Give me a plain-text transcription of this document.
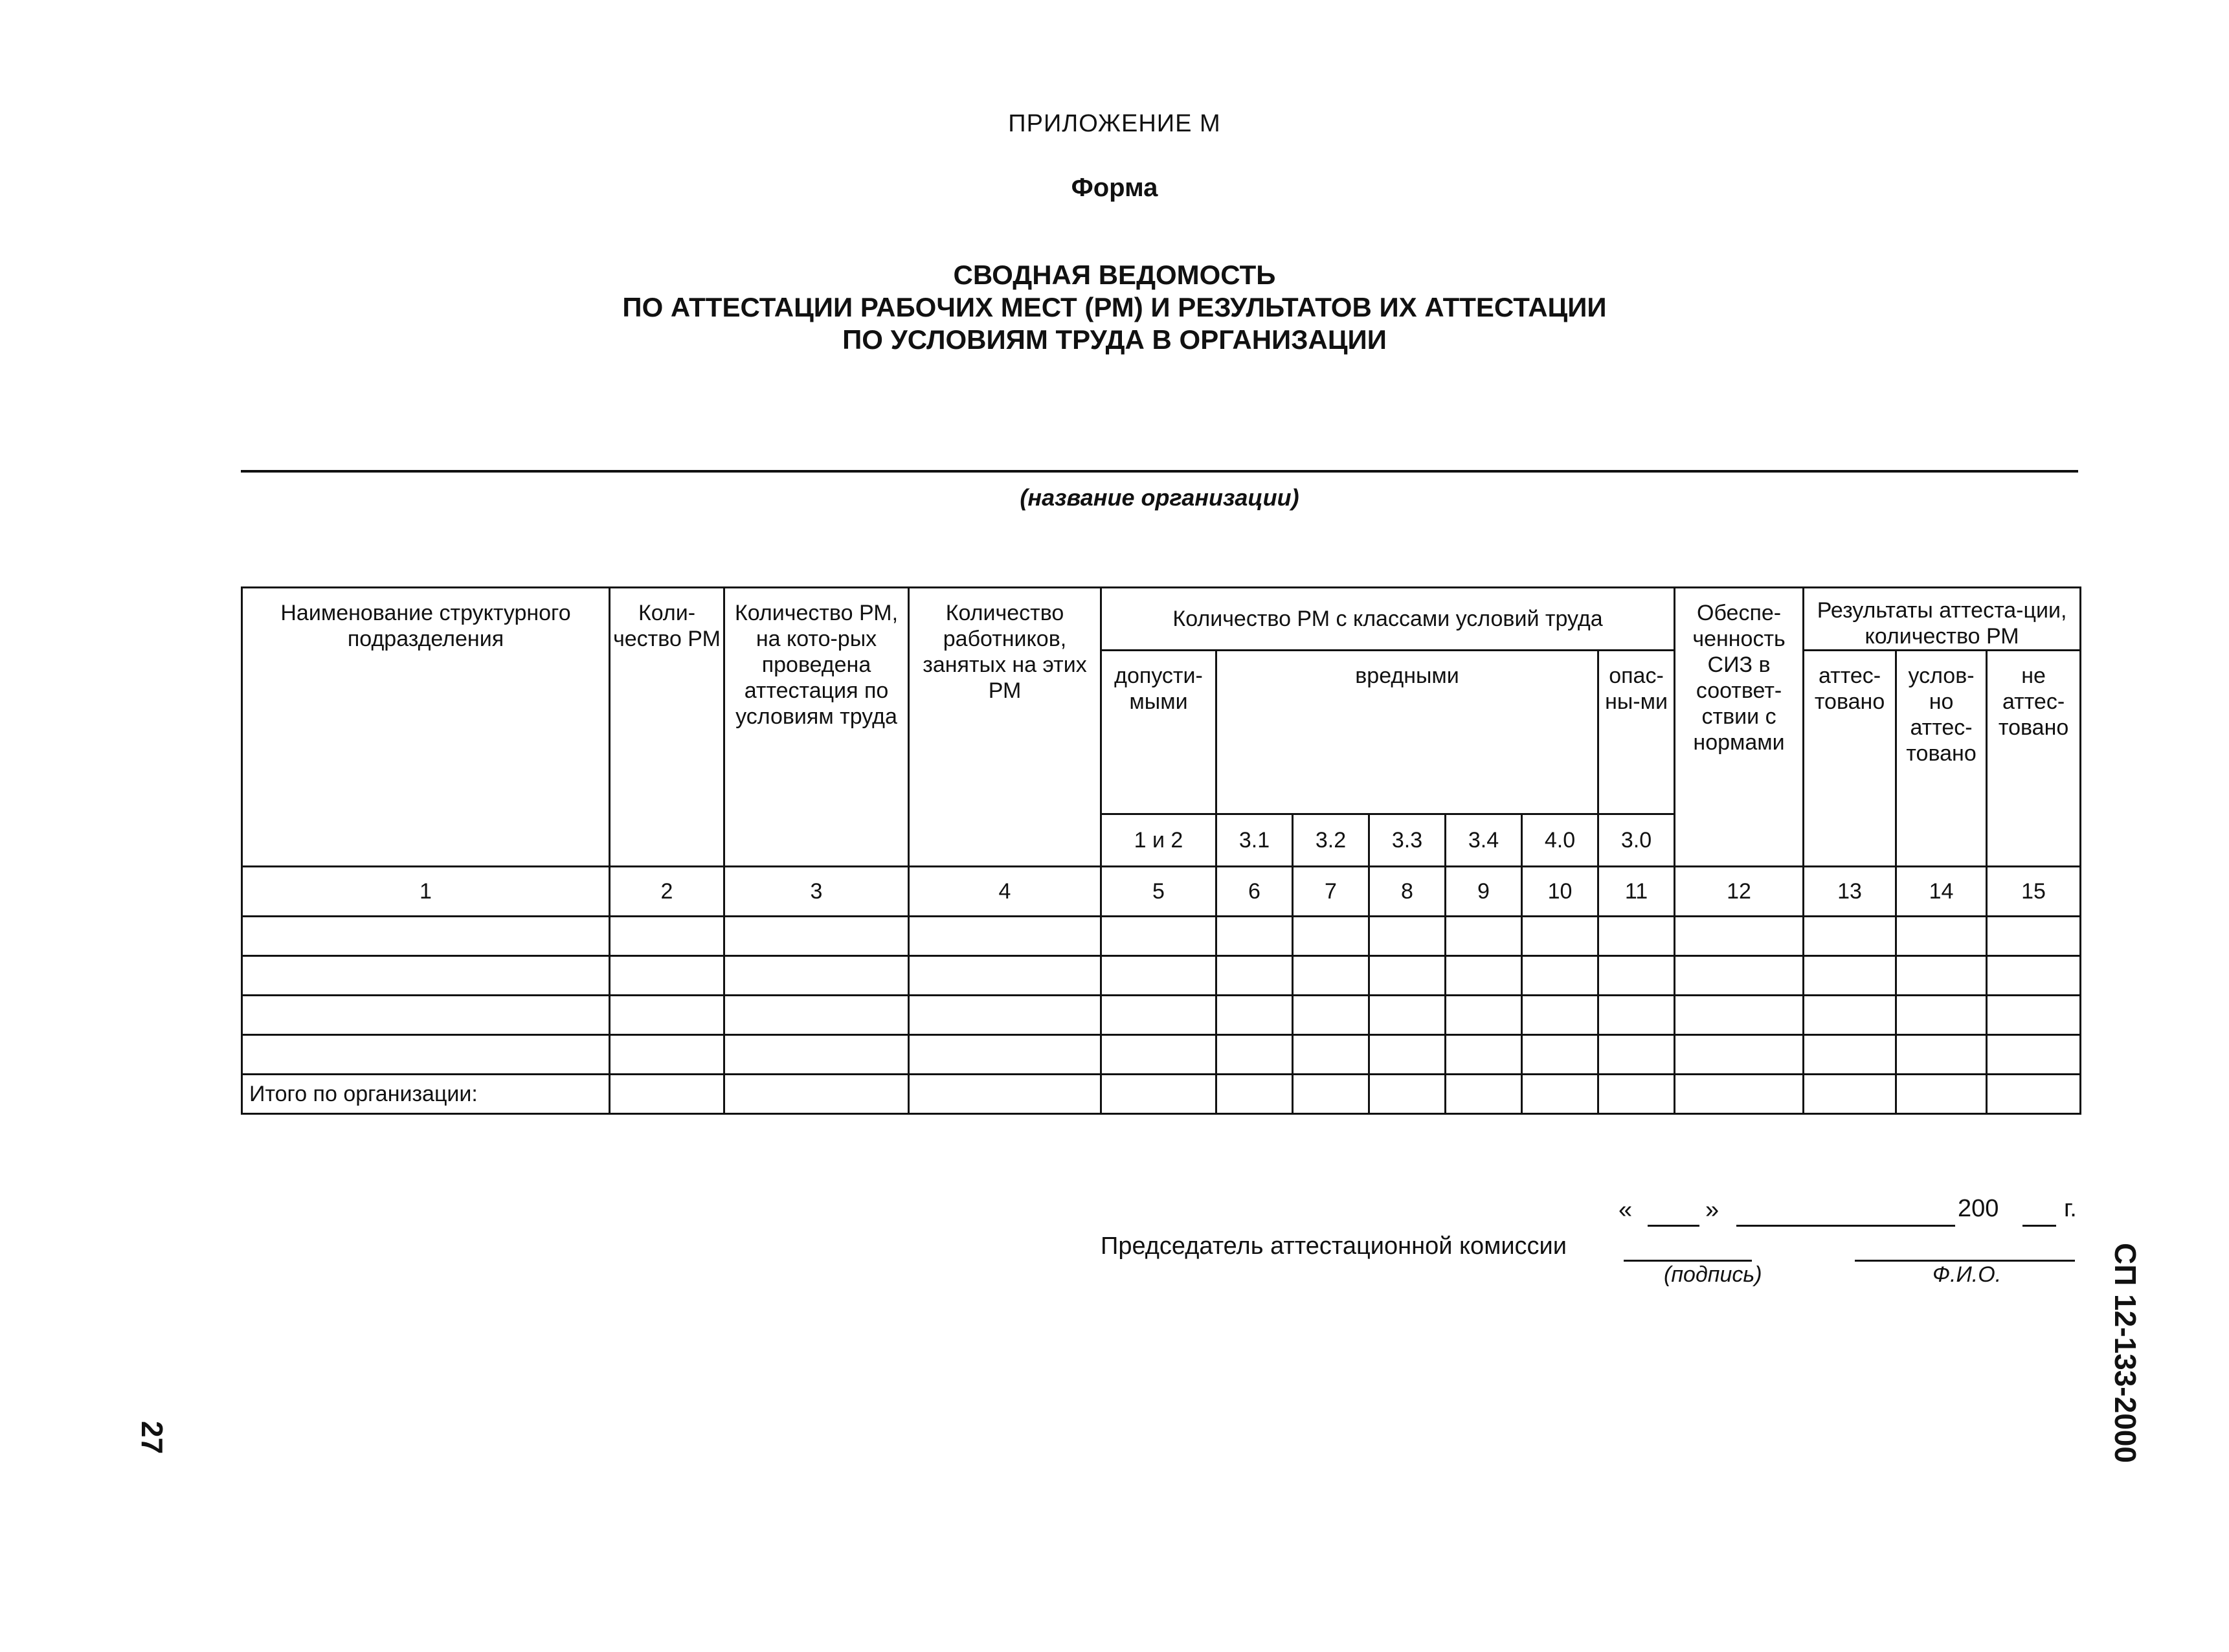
ПРИЛОЖЕНИЕ М
Форма
СВОДНАЯ ВЕДОМОСТЬ
ПО АТТЕСТАЦИИ РАБОЧИХ МЕСТ (РМ) И РЕЗУЛЬТАТОВ ИХ АТТЕСТАЦИИ
ПО УСЛОВИЯМ ТРУДА В ОРГАНИЗАЦИИ
(название организации)
Наименование структурного подразделения	Коли-чество РМ	Количество РМ, на кото-рых проведена аттестация по условиям труда	Количество работников, занятых на этих РМ	Количество РМ с классами условий труда							Обеспе-ченность СИЗ в соответ-ствии с нормами	Результаты аттеста-ции, количество РМ		
				допусти-мыми	вредными					опас-ны-ми		аттес-товано	услов-но аттес-товано	не аттес-товано
				1 и 2	3.1	3.2	3.3	3.4	4.0	3.0				
1	2	3	4	5	6	7	8	9	10	11	12	13	14	15

Итого по организации:														
«	»	200	г.
Председатель аттестационной комиссии
(подпись)	Ф.И.О.
27	СП 12-133-2000
